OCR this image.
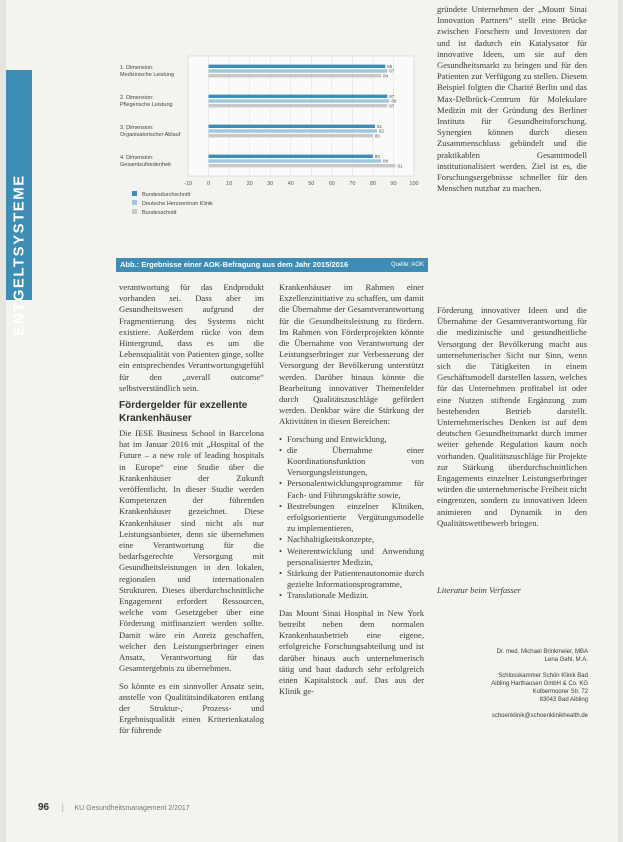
ENTGELTSYSTEME	-10	0	10	20	30	40	50	60	70	80	90 100
1. Dimension:
Medizinische Leistung
86
87
84
2. Dimension:
Pflegerische Leistung
87
88
87
3. Dimension:
Organisatorischer Ablauf
81
82
80
4. Dimension:
Gesamtzufriedenheit
80
84
91
Bundesdurchschnitt
Deutsche Herzzentrum Klinik
Bundesschnitt
Abb.: Ergebnisse einer AOK-Befragung aus dem Jahr 2015/2016	Quelle: AOK

verantwortung für das Endprodukt vorhanden sei. Dass aber im Gesundheitswesen aufgrund der Fragmentierung des Systems nicht existiere. Außerdem rücke von dem Hintergrund, dass es um die Lebensqualität von Patienten ginge, sollte ein entsprechendes Verantwortungsgefühl für den „overall outcome“ selbstverständlich sein.

Fördergelder für exzellente Krankenhäuser

Die IESE Business School in Barcelona hat im Januar 2016 mit „Hospital of the Future – a new role of leading hospitals in Europe“ eine Studie über die Krankenhäuser der Zukunft veröffentlicht. In dieser Studie werden Kompetenzen der führenden Krankenhäuser gezeichnet. Diese Krankenhäuser sind nicht als nur Leistungsanbieter, denn sie übernehmen eine Verantwortung für die bedarfsgerechte Versorgung mit Gesundheitsleistungen in den lokalen, regionalen und internationalen Strukturen. Dieses überdurchschnittliche Engagement erfordert Ressourcen, welche vom Gesetzgeber über eine Förderung mitfinanziert werden sollte. Damit wäre ein Anreiz geschaffen, welcher den Leistungserbringer einen Ansatz, Verantwortung für das Gesamtergebnis zu übernehmen.

So könnte es ein sinnvoller Ansatz sein, anstelle von Qualitätsindikatoren entlang der Struktur-, Prozess- und Ergebnisqualität einen Kriterienkatalog für führende

Krankenhäuser im Rahmen einer Exzellenzinitiative zu schaffen, um damit die Übernahme der Gesamtverantwortung für die Gesundheitsleistung zu fördern. Im Rahmen von Förderprojekten könnte die Übernahme von Verantwortung der Leistungserbringer zur Verbesserung der Versorgung der Bevölkerung unterstützt werden. Darüber hinaus könnte die Bearbeitung innovativer Themenfelder durch Qualitätszuschläge gefördert werden. Denkbar wäre die Stärkung der Aktivitäten in diesen Bereichen:

• Forschung und Entwicklung,
• die Übernahme einer Koordinationsfunktion von Versorgungsleistungen,
• Personalentwicklungsprogramme für Fach- und Führungskräfte sowie,
• Bestrebungen einzelner Kliniken, erfolgsorientierte Vergütungsmodelle zu implementieren,
• Nachhaltigkeitskonzepte,
• Weiterentwicklung und Anwendung personalisierter Medizin,
• Stärkung der Patientenautonomie durch gezielte Informationsprogramme,
• Translationale Medizin.

Das Mount Sinai Hospital in New York betreibt neben dem normalen Krankenhausbetrieb eine eigene, erfolgreiche Forschungsabteilung und ist darüber hinaus auch unternehmerisch tätig und baut dadurch sehr erfolgreich einen Kapitalstock auf. Das aus der Klinik ge-

gründete Unternehmen der „Mount Sinai Innovation Partners“ stellt eine Brücke zwischen Forschern und Investoren dar und ist dadurch ein Katalysator für innovative Ideen, um sie auf den Gesundheitsmarkt zu bringen und für den Patienten zur Verfügung zu stellen. Diesem Beispiel folgten die Charité Berlin und das Max-Delbrück-Centrum für Molekulare Medizin mit der Gründung des Berliner Instituts für Gesundheitsforschung. Synergien können durch diesen Zusammenschluss gebündelt und die praktikablen Gesamtmodell institutionalisiert werden. Ziel ist es, die Forschungsergebnisse schneller für den Menschen nutzbar zu machen.

Förderung innovativer Ideen und die Übernahme der Gesamtverantwortung für die medizinische und gesundheitliche Versorgung der Bevölkerung macht aus unternehmerischer Sicht nur Sinn, wenn sich die Tätigkeiten in einem Geschäftsmodell darstellen lassen, welches für das Unternehmen profitabel ist oder eine Nutzen stiftende Ergänzung zum bestehenden Betrieb darstellt. Unternehmerisches Denken ist auf dem deutschen Gesundheitsmarkt durch immer weiter gehende Regulation kaum noch vorhanden. Qualitätszuschläge für Projekte zur Stärkung überdurchschnittlichen Engagements einzelner Leistungserbringer würden die unternehmerische Freiheit nicht eingrenzen, sondern zu innovativen Ideen animieren und Dynamik in den Qualitätswettbewerb bringen.

Literatur beim Verfasser
Dr. med. Michael Brinkmeier, MBA
Lena Gehl, M.A.
Schlosskammer Schön Klinik Bad
Aibling Harthausen GmbH & Co. KG
Kolbermoorer Str. 72
83043 Bad Aibling
schoenklinik@schoenklinikhealth.de
96 | KU Gesundheitsmanagement 2/2017
